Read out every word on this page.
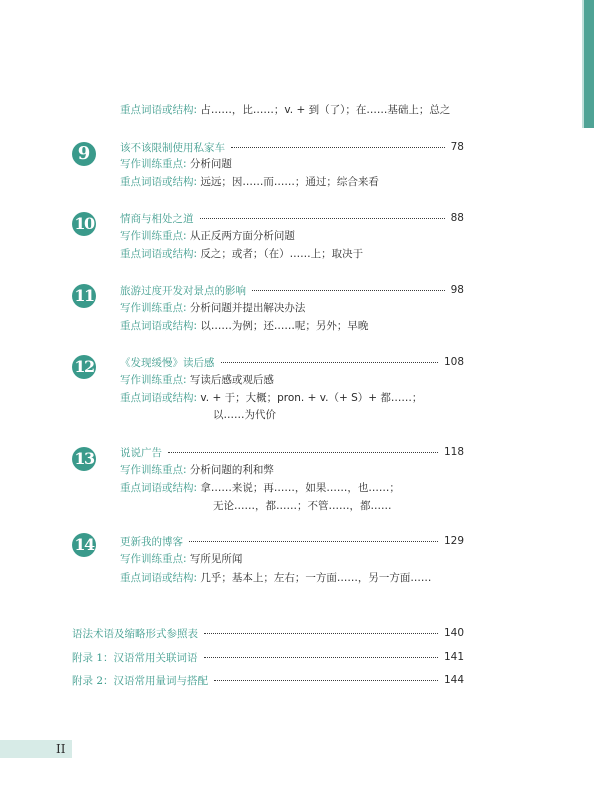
重点词语或结构: 占……，比……；v. + 到（了）；在……基础上；总之
9	该不该限制使用私家车	78
写作训练重点: 分析问题
重点词语或结构: 远远；因……而……；通过；综合来看
10	情商与相处之道	88
写作训练重点: 从正反两方面分析问题
重点词语或结构: 反之；或者；（在）……上；取决于
11	旅游过度开发对景点的影响	98
写作训练重点: 分析问题并提出解决办法
重点词语或结构: 以……为例；还……呢；另外；早晚
12	《发现缓慢》读后感	108
写作训练重点: 写读后感或观后感
重点词语或结构: v. + 于；大概；pron. + v.（+ S）+ 都……；
以……为代价
13	说说广告	118
写作训练重点: 分析问题的利和弊
重点词语或结构: 拿……来说；再……，如果……，也……；
无论……，都……；不管……，都……
14	更新我的博客	129
写作训练重点: 写所见所闻
重点词语或结构: 几乎；基本上；左右；一方面……，另一方面……
语法术语及缩略形式参照表	140
附录 1：汉语常用关联词语	141
附录 2：汉语常用量词与搭配	144
II
